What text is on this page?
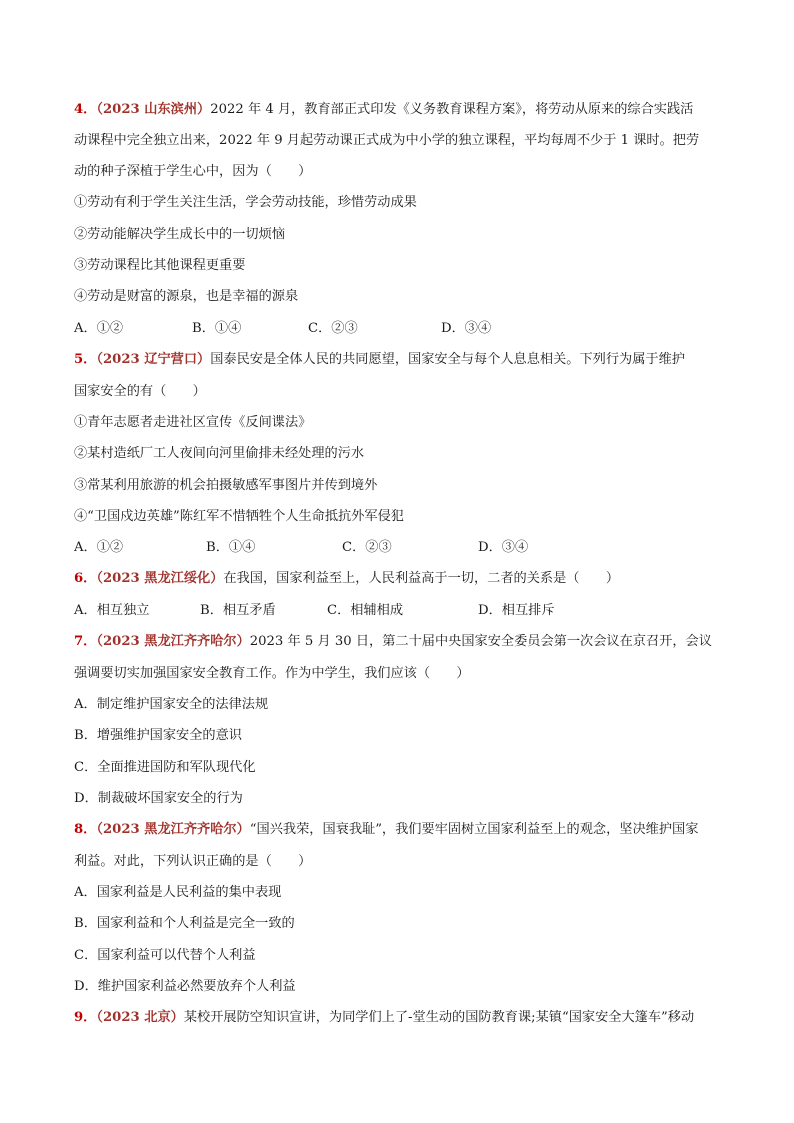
4．（2023 山东滨州）2022 年 4 月，教育部正式印发《义务教育课程方案》，将劳动从原来的综合实践活
动课程中完全独立出来，2022 年 9 月起劳动课正式成为中小学的独立课程，平均每周不少于 1 课时。把劳
动的种子深植于学生心中，因为（　　）
①劳动有利于学生关注生活，学会劳动技能，珍惜劳动成果
②劳动能解决学生成长中的一切烦恼
③劳动课程比其他课程更重要
④劳动是财富的源泉，也是幸福的源泉
A．①②	B．①④	C．②③	D．③④
5．（2023 辽宁营口）国泰民安是全体人民的共同愿望，国家安全与每个人息息相关。下列行为属于维护
国家安全的有（　　）
①青年志愿者走进社区宣传《反间谍法》
②某村造纸厂工人夜间向河里偷排未经处理的污水
③常某利用旅游的机会拍摄敏感军事图片并传到境外
④“卫国戍边英雄”陈红军不惜牺牲个人生命抵抗外军侵犯
A．①②	B．①④	C．②③	D．③④
6．（2023 黑龙江绥化）在我国，国家利益至上，人民利益高于一切，二者的关系是（　　）
A．相互独立	B．相互矛盾	C．相辅相成	D．相互排斥
7．（2023 黑龙江齐齐哈尔）2023 年 5 月 30 日，第二十届中央国家安全委员会第一次会议在京召开，会议
强调要切实加强国家安全教育工作。作为中学生，我们应该（　　）
A．制定维护国家安全的法律法规
B．增强维护国家安全的意识
C．全面推进国防和军队现代化
D．制裁破坏国家安全的行为
8．（2023 黑龙江齐齐哈尔）“国兴我荣，国衰我耻”，我们要牢固树立国家利益至上的观念，坚决维护国家
利益。对此，下列认识正确的是（　　）
A．国家利益是人民利益的集中表现
B．国家利益和个人利益是完全一致的
C．国家利益可以代替个人利益
D．维护国家利益必然要放弃个人利益
9．（2023 北京）某校开展防空知识宣讲，为同学们上了-堂生动的国防教育课;某镇“国家安全大篷车”移动
